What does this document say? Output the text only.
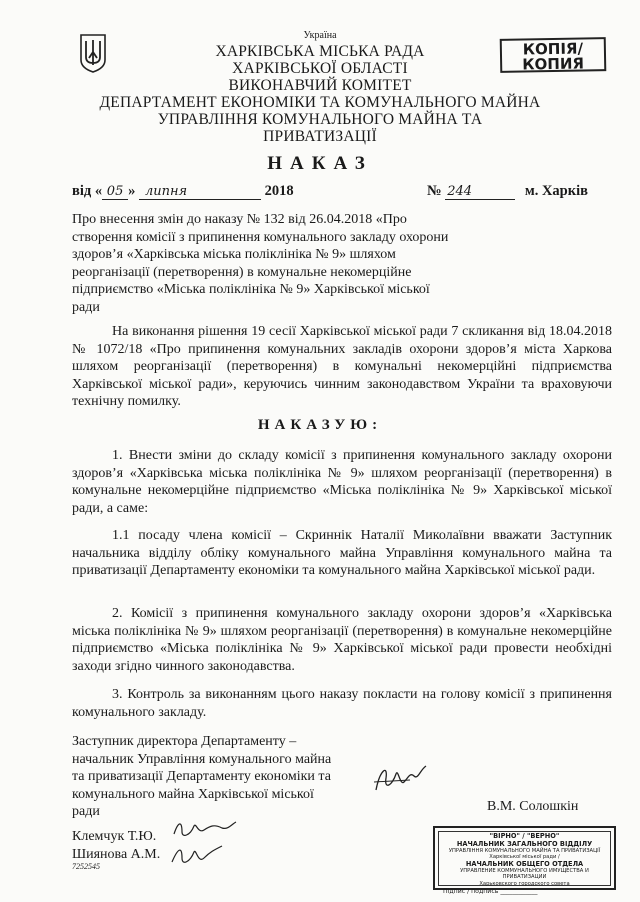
Україна
ХАРКІВСЬКА МІСЬКА РАДА
ХАРКІВСЬКОЇ ОБЛАСТІ
ВИКОНАВЧИЙ КОМІТЕТ
ДЕПАРТАМЕНТ ЕКОНОМІКИ ТА КОМУНАЛЬНОГО МАЙНА
УПРАВЛІННЯ КОМУНАЛЬНОГО МАЙНА ТА
ПРИВАТИЗАЦІЇ
КОПІЯ/
КОПИЯ
НАКАЗ
від « 05 » липня	2018	№ 244	м. Харків
Про внесення змін до наказу № 132 від 26.04.2018 «Про створення комісії з припинення комунального закладу охорони здоров’я «Харківська міська поліклініка № 9» шляхом реорганізації (перетворення) в комунальне некомерційне підприємство «Міська поліклініка № 9» Харківської міської ради
На виконання рішення 19 сесії Харківської міської ради 7 скликання від 18.04.2018 № 1072/18 «Про припинення комунальних закладів охорони здоров’я міста Харкова шляхом реорганізації (перетворення) в комунальні некомерційні підприємства Харківської міської ради», керуючись чинним законодавством України та враховуючи технічну помилку.
НАКАЗУЮ:
1. Внести зміни до складу комісії з припинення комунального закладу охорони здоров’я «Харківська міська поліклініка № 9» шляхом реорганізації (перетворення) в комунальне некомерційне підприємство «Міська поліклініка № 9» Харківської міської ради, а саме:
1.1 посаду члена комісії – Скриннік Наталії Миколаївни вважати Заступник начальника відділу обліку комунального майна Управління комунального майна та приватизації Департаменту економіки та комунального майна Харківської міської ради.
2. Комісії з припинення комунального закладу охорони здоров’я «Харківська міська поліклініка № 9» шляхом реорганізації (перетворення) в комунальне некомерційне підприємство «Міська поліклініка № 9» Харківської міської ради провести необхідні заходи згідно чинного законодавства.
3. Контроль за виконанням цього наказу покласти на голову комісії з припинення комунального закладу.
Заступник директора Департаменту – начальник Управління комунального майна та приватизації Департаменту економіки та комунального майна Харківської міської ради	В.М. Солошкін
Клемчук Т.Ю.
Шиянова А.М.
7252545
"ВІРНО" / "ВЕРНО"
НАЧАЛЬНИК ЗАГАЛЬНОГО ВІДДІЛУ
УПРАВЛІННЯ КОМУНАЛЬНОГО МАЙНА ТА ПРИВАТИЗАЦІЇ
Харківської міської ради /
НАЧАЛЬНИК ОБЩЕГО ОТДЕЛА
УПРАВЛЕНИЕ КОММУНАЛЬНОГО ИМУЩЕСТВА И ПРИВАТИЗАЦИИ
Харьковского городского совета
Підпис / подпись ____________
